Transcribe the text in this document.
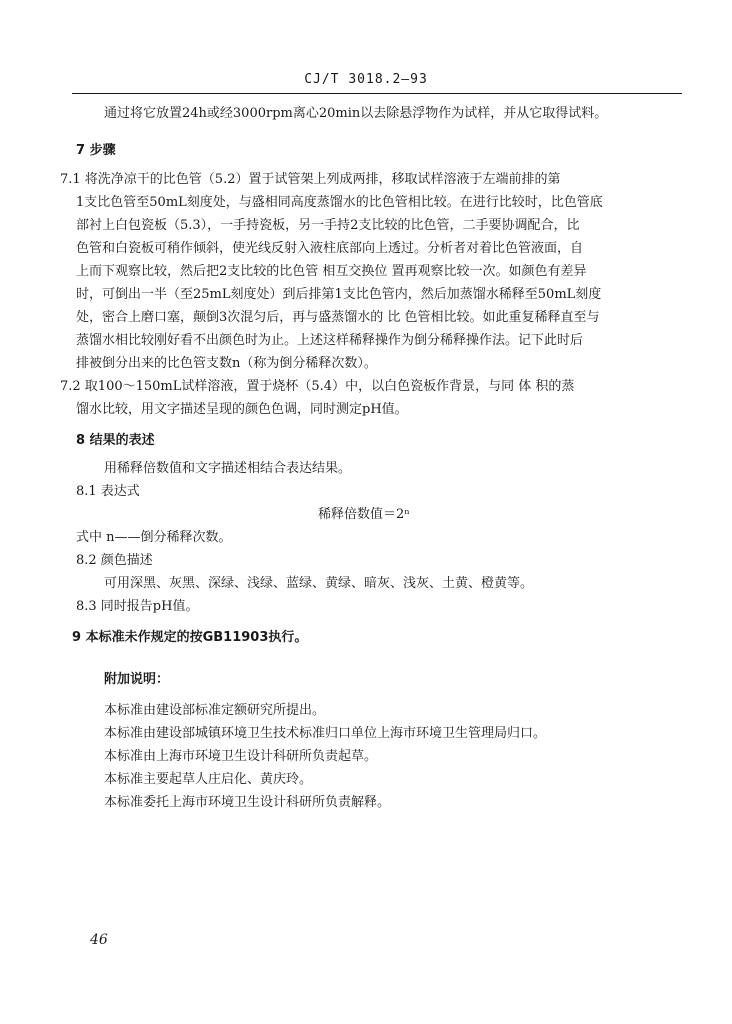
CJ/T 3018.2—93
通过将它放置24h或经3000rpm离心20min以去除悬浮物作为试样，并从它取得试料。
7 步骤
7.1 将洗净凉干的比色管（5.2）置于试管架上列成两排，移取试样溶液于左端前排的第
1支比色管至50mL刻度处，与盛相同高度蒸馏水的比色管相比较。在进行比较时，比色管底
部衬上白包瓷板（5.3），一手持瓷板，另一手持2支比较的比色管，二手要协调配合，比
色管和白瓷板可稍作倾斜，使光线反射入液柱底部向上透过。分析者对着比色管液面，自
上而下观察比较，然后把2支比较的比色管 相互交换位 置再观察比较一次。如颜色有差异
时，可倒出一半（至25mL刻度处）到后排第1支比色管内，然后加蒸馏水稀释至50mL刻度
处，密合上磨口塞，颠倒3次混匀后，再与盛蒸馏水的 比 色管相比较。如此重复稀释直至与
蒸馏水相比较刚好看不出颜色时为止。上述这样稀释操作为倒分稀释操作法。记下此时后
排被倒分出来的比色管支数n（称为倒分稀释次数）。
7.2 取100～150mL试样溶液，置于烧杯（5.4）中，以白色瓷板作背景，与同 体 积的蒸
馏水比较，用文字描述呈现的颜色色调，同时测定pH值。
8 结果的表述
用稀释倍数值和文字描述相结合表达结果。
8.1 表达式
稀释倍数值＝2ⁿ
式中 n——倒分稀释次数。
8.2 颜色描述
可用深黑、灰黑、深绿、浅绿、蓝绿、黄绿、暗灰、浅灰、土黄、橙黄等。
8.3 同时报告pH值。
9 本标准未作规定的按GB11903执行。
附加说明：
本标准由建设部标准定额研究所提出。
本标准由建设部城镇环境卫生技术标准归口单位上海市环境卫生管理局归口。
本标准由上海市环境卫生设计科研所负责起草。
本标准主要起草人庄启化、黄庆玲。
本标准委托上海市环境卫生设计科研所负责解释。
46
